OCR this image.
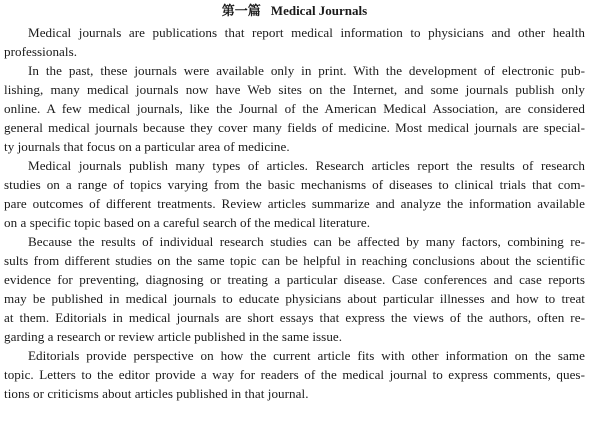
第一篇 Medical Journals
Medical journals are publications that report medical information to physicians and other health
professionals.
In the past, these journals were available only in print. With the development of electronic pub-
lishing, many medical journals now have Web sites on the Internet, and some journals publish only
online. A few medical journals, like the Journal of the American Medical Association, are considered
general medical journals because they cover many fields of medicine. Most medical journals are special-
ty journals that focus on a particular area of medicine.
Medical journals publish many types of articles. Research articles report the results of research
studies on a range of topics varying from the basic mechanisms of diseases to clinical trials that com-
pare outcomes of different treatments. Review articles summarize and analyze the information available
on a specific topic based on a careful search of the medical literature.
Because the results of individual research studies can be affected by many factors, combining re-
sults from different studies on the same topic can be helpful in reaching conclusions about the scientific
evidence for preventing, diagnosing or treating a particular disease. Case conferences and case reports
may be published in medical journals to educate physicians about particular illnesses and how to treat
at them. Editorials in medical journals are short essays that express the views of the authors, often re-
garding a research or review article published in the same issue.
Editorials provide perspective on how the current article fits with other information on the same
topic. Letters to the editor provide a way for readers of the medical journal to express comments, ques-
tions or criticisms about articles published in that journal.
